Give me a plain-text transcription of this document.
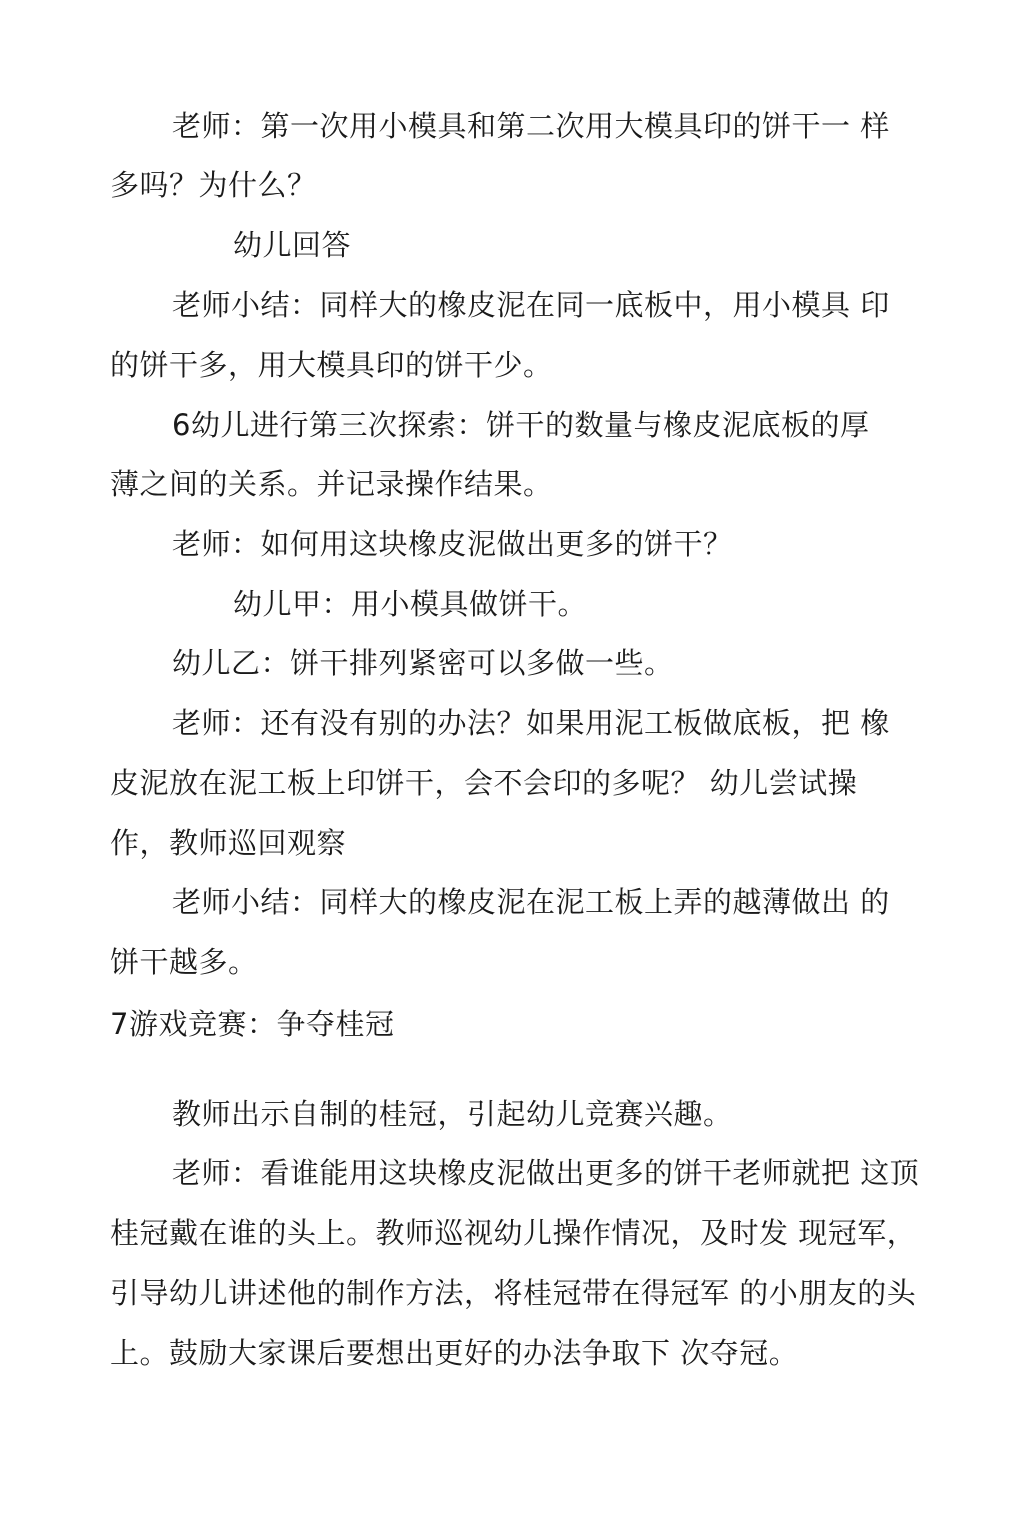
老师：第一次用小模具和第二次用大模具印的饼干一 样
多吗？为什么？
幼儿回答
老师小结：同样大的橡皮泥在同一底板中，用小模具 印
的饼干多，用大模具印的饼干少。
6幼儿进行第三次探索：饼干的数量与橡皮泥底板的厚
薄之间的关系。并记录操作结果。
老师：如何用这块橡皮泥做出更多的饼干？
幼儿甲：用小模具做饼干。
幼儿乙：饼干排列紧密可以多做一些。
老师：还有没有别的办法？如果用泥工板做底板，把 橡
皮泥放在泥工板上印饼干，会不会印的多呢？ 幼儿尝试操
作，教师巡回观察
老师小结：同样大的橡皮泥在泥工板上弄的越薄做出 的
饼干越多。
7游戏竞赛：争夺桂冠
教师出示自制的桂冠，引起幼儿竞赛兴趣。
老师：看谁能用这块橡皮泥做出更多的饼干老师就把 这顶
桂冠戴在谁的头上。教师巡视幼儿操作情况，及时发 现冠军，
引导幼儿讲述他的制作方法，将桂冠带在得冠军 的小朋友的头
上。鼓励大家课后要想出更好的办法争取下 次夺冠。
